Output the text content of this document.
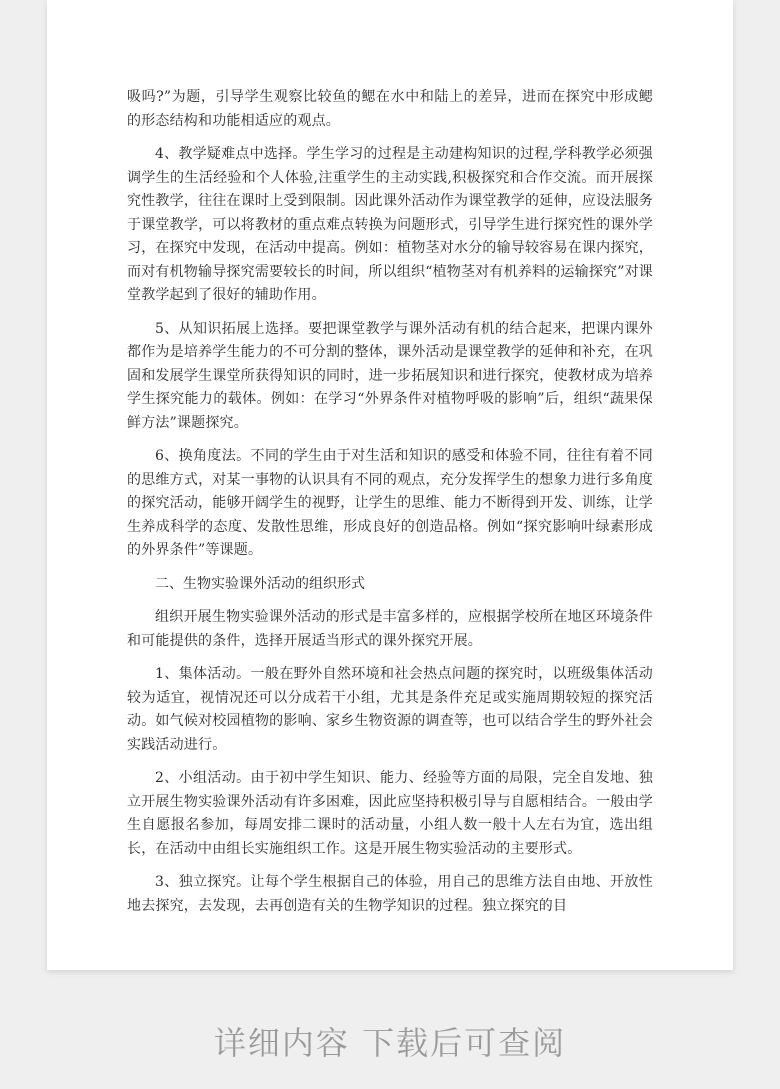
吸吗?”为题，引导学生观察比较鱼的鳃在水中和陆上的差异，进而在探究中形成鳃的形态结构和功能相适应的观点。

4、教学疑难点中选择。学生学习的过程是主动建构知识的过程,学科教学必须强调学生的生活经验和个人体验,注重学生的主动实践,积极探究和合作交流。而开展探究性教学，往往在课时上受到限制。因此课外活动作为课堂教学的延伸，应设法服务于课堂教学，可以将教材的重点难点转换为问题形式，引导学生进行探究性的课外学习，在探究中发现，在活动中提高。例如：植物茎对水分的输导较容易在课内探究，而对有机物输导探究需要较长的时间，所以组织“植物茎对有机养料的运输探究”对课堂教学起到了很好的辅助作用。

5、从知识拓展上选择。要把课堂教学与课外活动有机的结合起来，把课内课外都作为是培养学生能力的不可分割的整体，课外活动是课堂教学的延伸和补充，在巩固和发展学生课堂所获得知识的同时，进一步拓展知识和进行探究，使教材成为培养学生探究能力的载体。例如：在学习“外界条件对植物呼吸的影响”后，组织“蔬果保鲜方法”课题探究。

6、换角度法。不同的学生由于对生活和知识的感受和体验不同，往往有着不同的思维方式，对某一事物的认识具有不同的观点，充分发挥学生的想象力进行多角度的探究活动，能够开阔学生的视野，让学生的思维、能力不断得到开发、训练，让学生养成科学的态度、发散性思维，形成良好的创造品格。例如“探究影响叶绿素形成的外界条件”等课题。

二、生物实验课外活动的组织形式

组织开展生物实验课外活动的形式是丰富多样的，应根据学校所在地区环境条件和可能提供的条件，选择开展适当形式的课外探究开展。

1、集体活动。一般在野外自然环境和社会热点问题的探究时，以班级集体活动较为适宜，视情况还可以分成若干小组，尤其是条件充足或实施周期较短的探究活动。如气候对校园植物的影响、家乡生物资源的调查等，也可以结合学生的野外社会实践活动进行。

2、小组活动。由于初中学生知识、能力、经验等方面的局限，完全自发地、独立开展生物实验课外活动有许多困难，因此应坚持积极引导与自愿相结合。一般由学生自愿报名参加，每周安排二课时的活动量，小组人数一般十人左右为宜，选出组长，在活动中由组长实施组织工作。这是开展生物实验活动的主要形式。

3、独立探究。让每个学生根据自己的体验，用自己的思维方法自由地、开放性地去探究，去发现，去再创造有关的生物学知识的过程。独立探究的目

详细内容 下载后可查阅
